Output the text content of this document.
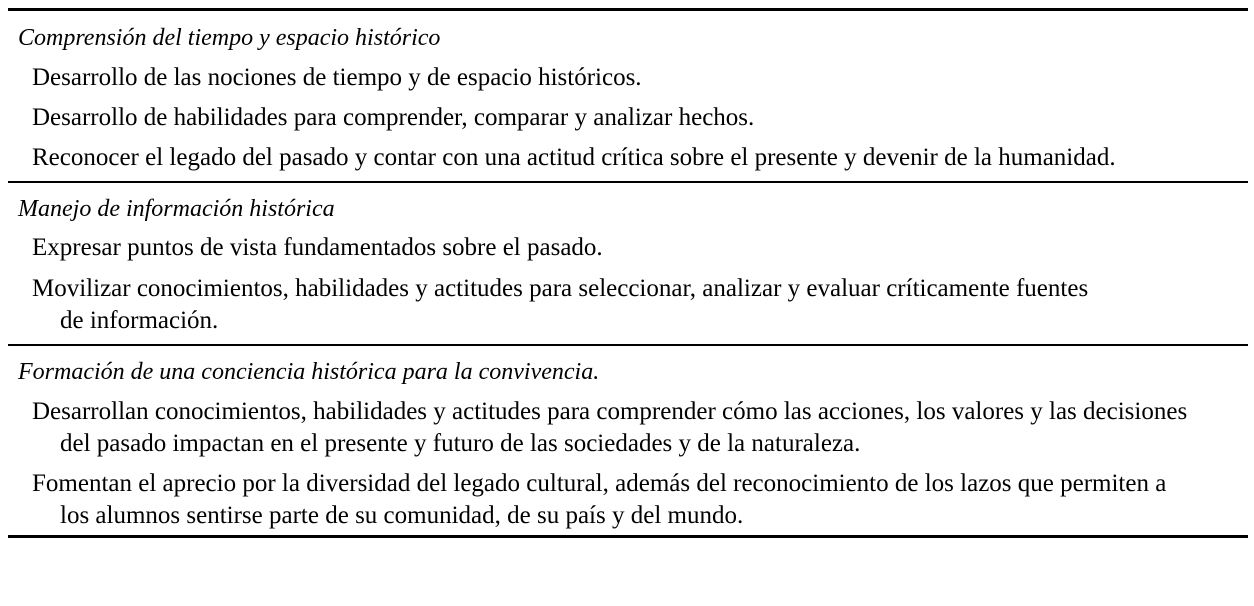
Comprensión del tiempo y espacio histórico
Desarrollo de las nociones de tiempo y de espacio históricos.
Desarrollo de habilidades para comprender, comparar y analizar hechos.
Reconocer el legado del pasado y contar con una actitud crítica sobre el presente y devenir de la humanidad.
Manejo de información histórica
Expresar puntos de vista fundamentados sobre el pasado.
Movilizar conocimientos, habilidades y actitudes para seleccionar, analizar y evaluar críticamente fuentes de información.
Formación de una conciencia histórica para la convivencia.
Desarrollan conocimientos, habilidades y actitudes para comprender cómo las acciones, los valores y las decisiones del pasado impactan en el presente y futuro de las sociedades y de la naturaleza.
Fomentan el aprecio por la diversidad del legado cultural, además del reconocimiento de los lazos que permiten a los alumnos sentirse parte de su comunidad, de su país y del mundo.
